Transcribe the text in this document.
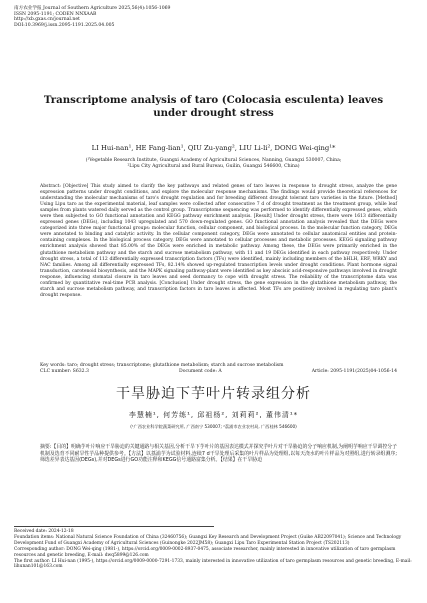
南方农业学报 Journal of Southern Agriculture 2025,56(4):1056-1069
ISSN 2095-1191; CODEN NNXAAB
http://xb.gxas.cn/journal.net
DOI:10.3969/j.issn.2095-1191.2025.04.005
Transcriptome analysis of taro (Colocasia esculenta) leaves under drought stress
LI Hui-nan¹, HE Fang-lian¹, QIU Zu-yang², LIU Li-li², DONG Wei-qing¹*
(¹Vegetable Research Institute, Guangxi Academy of Agricultural Sciences, Nanning, Guangxi 530007, China;
²Lipu City Agricultural and Rural Bureau, Guilin, Guangxi 546600, China)
Abstract: [Objective] This study aimed to clarify the key pathways and related genes of taro leaves in response to drought stress, analyze the gene expression patterns under drought conditions, and explore the molecular response mechanisms. The findings would provide theoretical references for understanding the molecular mechanisms of taro's drought regulation and for breeding different drought tolerant taro varieties in the future. [Method] Using Lipu taro as the experimental material, leaf samples were collected after consecutive 7 d of drought treatment as the treatment group, while leaf samples from plants watered daily served as the control group. Transcriptome sequencing was performed to identify differentially expressed genes, which were then subjected to GO functional annotation and KEGG pathway enrichment analysis. [Result] Under drought stress, there were 1613 differentially expressed genes (DEGs), including 1043 upregulated and 570 down-regulated genes. GO functional annotation analysis revealed that the DEGs were categorized into three major functional groups: molecular function, cellular component, and biological process. In the molecular function category, DEGs were annotated to binding and catalytic activity. In the cellular component category, DEGs were annotated to cellular anatomical entities and protein-containing complexes. In the biological process category, DEGs were annotated to cellular processes and metabolic processes. KEGG signaling pathway enrichment analysis showed that 85.00% of the DEGs were enriched in metabolic pathway. Among these, the DEGs were primarily enriched in the glutathione metabolism pathway and the starch and sucrose metabolism pathway, with 11 and 19 DEGs identified in each pathway respectively. Under drought stress, a total of 112 differentially expressed transcription factors (TFs) were identified, mainly including members of the bHLH, ERF, WRKY and NAC families. Among all differentially expressed TFs, 82.14% showed up-regulated transcription levels under drought conditions. Plant hormone signal transduction, carotenoid biosynthesis, and the MAPK signaling pathway-plant were identified as key abscisic acid-responsive pathways involved in drought response, influencing stomatal closure in taro leaves and seed dormancy to cope with drought stress. The reliability of the transcriptome data was confirmed by quantitative real-time PCR analysis. [Conclusion] Under drought stress, the gene expression in the glutathione metabolism pathway, the starch and sucrose metabolism pathway, and transcription factors in taro leaves is affected. Most TFs are positively involved in regulating taro plant's drought response.
Key words: taro; drought stress; transcriptome; glutathione metabolism; starch and sucrose metabolism
CLC number: S632.3	Document code: A	Article: 2095-1191(2025)04-1056-14
干旱胁迫下芋叶片转录组分析
李慧楠¹, 何芳练¹, 邱祖杨², 刘莉莉², 董伟清¹*
(¹广西农业科学院蔬菜研究所, 广西南宁 530007; ²荔浦市农业农村局, 广西桂林 546600)
摘要:【目的】明确芋叶片响应干旱胁迫的关键通路与相关基因,分析干旱下芋叶片的基因表达模式并探究芋叶片对干旱胁迫的分子响应机制,为阐明芋响应干旱调控分子机制及选育不同耐旱性芋品种提供参考。【方法】以荔浦芋为试验材料,连续7 d干旱处理后采集的叶片样品为处理组,以每天浇水的叶片样品为对照组,进行转录组测序;筛选差异表达基因(DEGs),并对DEGs进行GO功能注释和KEGG信号通路富集分析。【结果】在干旱胁迫
Received date: 2024-12-18
Foundation items: National Natural Science Foundation of China (32460756); Guangxi Key Research and Development Project (Guike AB22097041); Science and Technology Development Fund of Guangxi Academy of Agricultural Sciences (Guinongke 2022JM58); Guangxi Lipu Taro Experimental Station Project (TS202113)
Corresponding author: DONG Wei-qing (1981-), https://orcid.org/0009-0002-8937-0475, associate researcher, mainly interested in innovative utilization of taro germplasm resources and genetic breeding, E-mail: dwq5899@126.com
The first author: LI Hui-nan (1995-), https://orcid.org/0009-0000-7291-1733, mainly interested in innovative utilization of taro germplasm resources and genetic breeding, E-mail: lihunan101@163.com
